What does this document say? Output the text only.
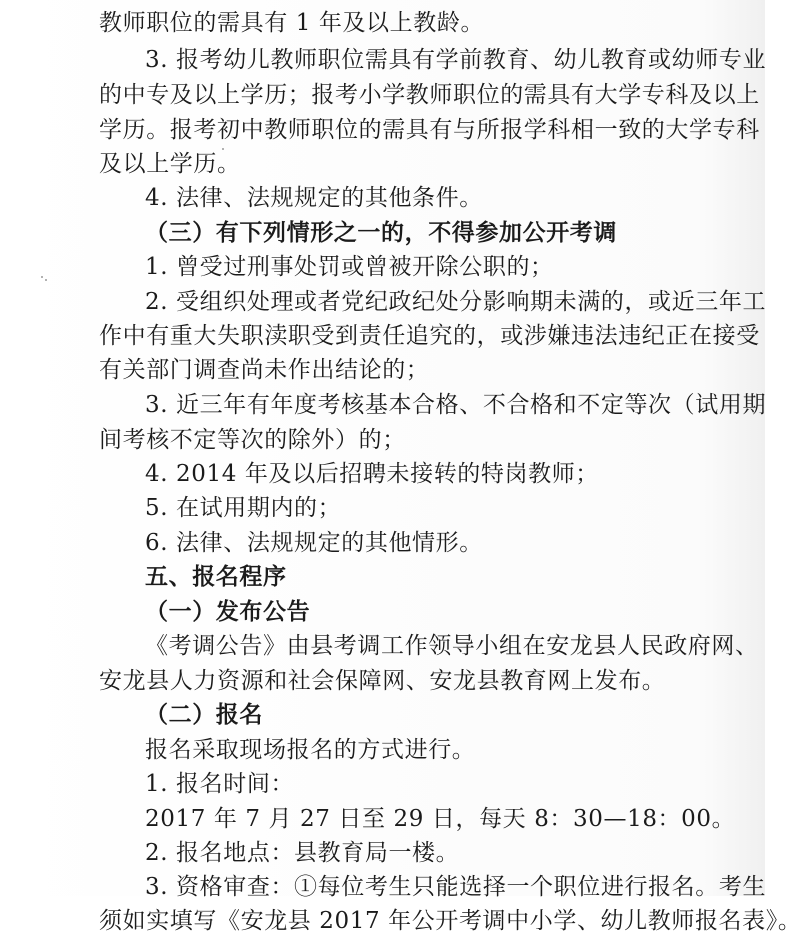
教师职位的需具有 1 年及以上教龄。
3. 报考幼儿教师职位需具有学前教育、幼儿教育或幼师专业
的中专及以上学历；报考小学教师职位的需具有大学专科及以上
学历。报考初中教师职位的需具有与所报学科相一致的大学专科
及以上学历。
4. 法律、法规规定的其他条件。
（三）有下列情形之一的，不得参加公开考调
1. 曾受过刑事处罚或曾被开除公职的；
2. 受组织处理或者党纪政纪处分影响期未满的，或近三年工
作中有重大失职渎职受到责任追究的，或涉嫌违法违纪正在接受
有关部门调查尚未作出结论的；
3. 近三年有年度考核基本合格、不合格和不定等次（试用期
间考核不定等次的除外）的；
4. 2014 年及以后招聘未接转的特岗教师；
5. 在试用期内的；
6. 法律、法规规定的其他情形。
五、报名程序
（一）发布公告
《考调公告》由县考调工作领导小组在安龙县人民政府网、
安龙县人力资源和社会保障网、安龙县教育网上发布。
（二）报名
报名采取现场报名的方式进行。
1. 报名时间：
2017 年 7 月 27 日至 29 日，每天 8：30—18：00。
2. 报名地点：县教育局一楼。
3. 资格审查：①每位考生只能选择一个职位进行报名。考生
须如实填写《安龙县 2017 年公开考调中小学、幼儿教师报名表》。
